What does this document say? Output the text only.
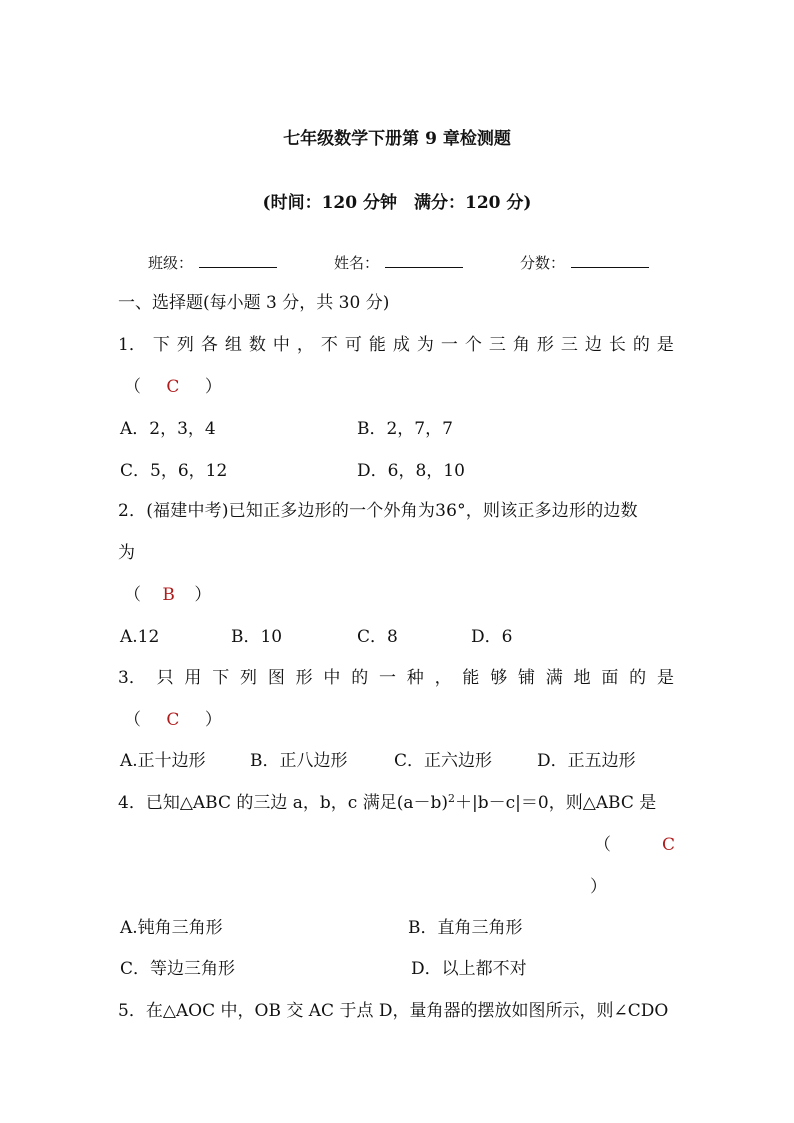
七年级数学下册第 9 章检测题
(时间：120 分钟　满分：120 分)
班级：	姓名：	分数：
一、选择题(每小题 3 分，共 30 分)
1． 下 列 各 组 数 中 ， 不 可 能 成 为 一 个 三 角 形 三 边 长 的 是
（ C ）
A．2，3，4	B．2，7，7
C．5，6，12	D．6，8，10
2．(福建中考)已知正多边形的一个外角为36°，则该正多边形的边数
为
（ B ）
A.12	B．10	C．8	D．6
3． 只 用 下 列 图 形 中 的 一 种 ， 能 够 铺 满 地 面 的 是
（ C ）
A.正十边形	B．正八边形	C．正六边形	D．正五边形
4．已知△ABC 的三边 a，b，c 满足$(a-b)^2+|b-c|=0$，则△ABC 是
（	C
）
A.钝角三角形	B．直角三角形
C．等边三角形	D．以上都不对
5．在△AOC 中，OB 交 AC 于点 D，量角器的摆放如图所示，则∠CDO
